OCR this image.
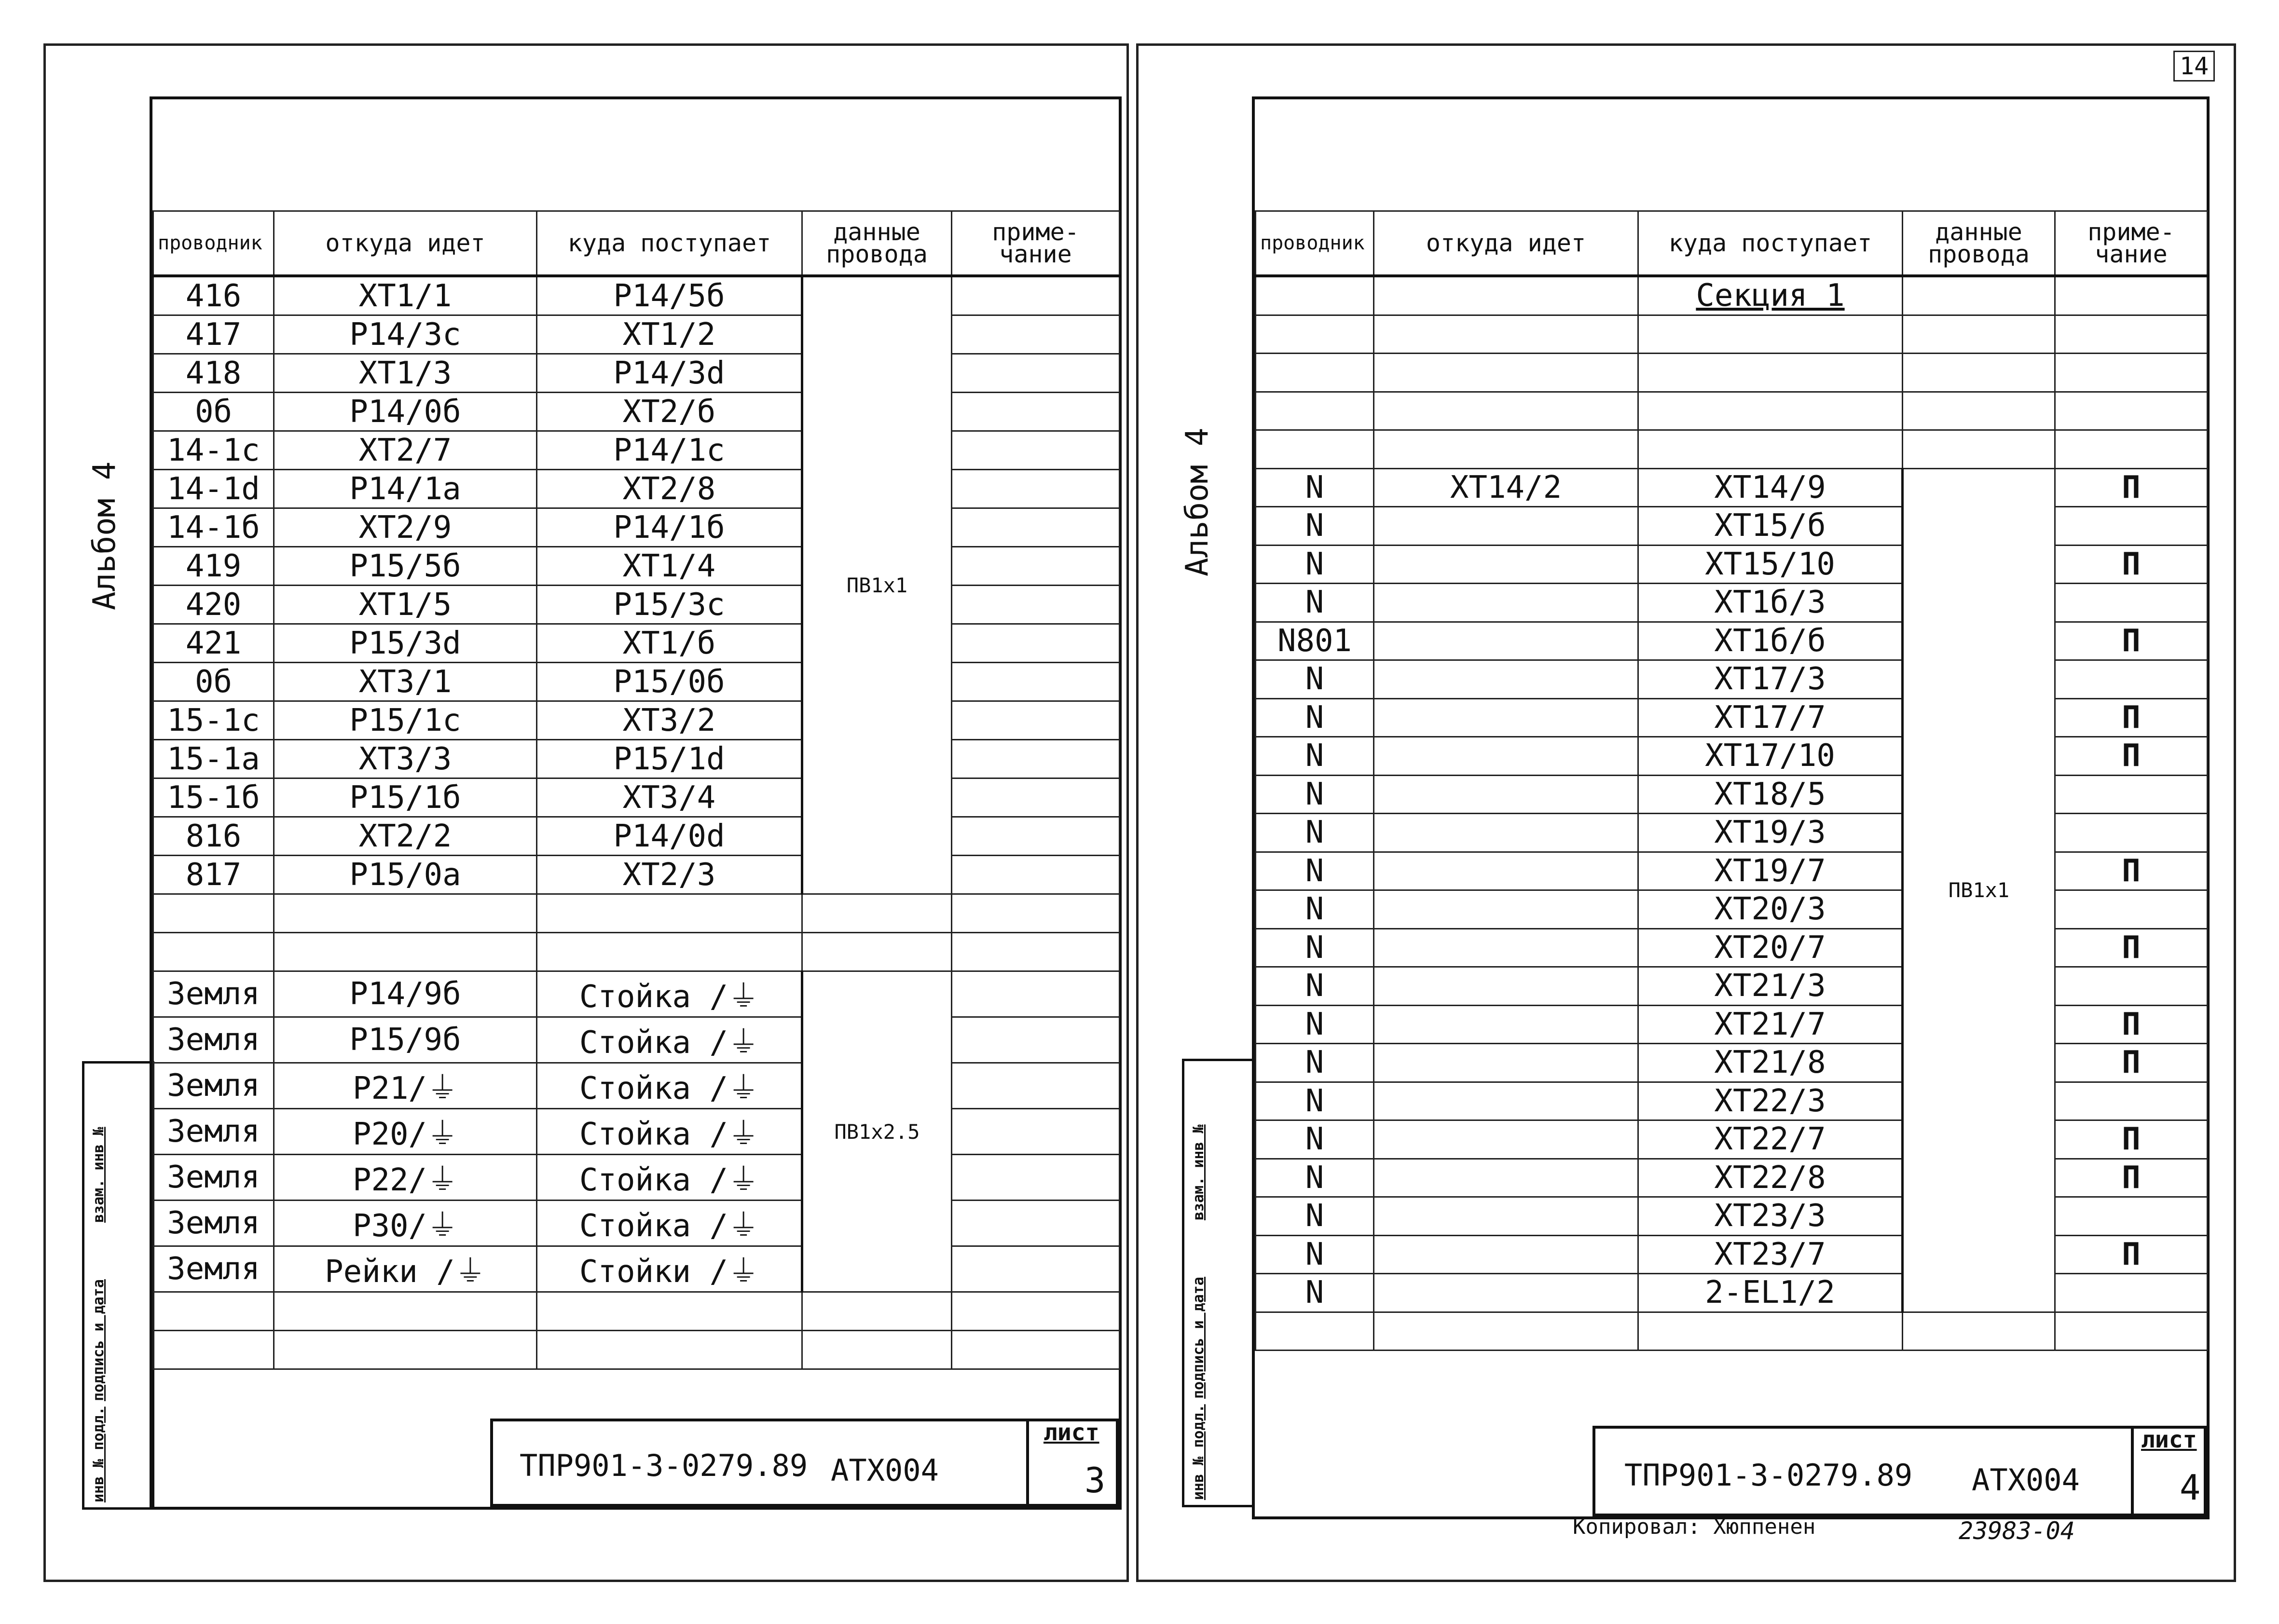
Альбом 4
инв № подл.
подпись и дата
взам. инв №
проводник	откуда идет	куда поступает	данные провода	приме-чание
416	ХТ1/1	Р14/5б	ПВ1х1	
417	Р14/3с	ХТ1/2		
418	ХТ1/3	Р14/3d		
0б	Р14/0б	ХТ2/б		
14-1с	ХТ2/7	Р14/1с		
14-1d	Р14/1а	ХТ2/8		
14-1б	ХТ2/9	Р14/1б		
419	Р15/5б	ХТ1/4		
420	ХТ1/5	Р15/3с		
421	Р15/3d	ХТ1/б		
0б	ХТ3/1	Р15/0б		
15-1с	Р15/1с	ХТ3/2		
15-1а	ХТ3/3	Р15/1d		
15-1б	Р15/1б	ХТ3/4		
816	ХТ2/2	Р14/0d		
817	Р15/0а	ХТ2/3		

Земля	Р14/9б	Стойка /⏚	ПВ1х2.5	
Земля	Р15/9б	Стойка /⏚		
Земля	Р21/⏚	Стойка /⏚		
Земля	Р20/⏚	Стойка /⏚		
Земля	Р22/⏚	Стойка /⏚		
Земля	Р30/⏚	Стойка /⏚		
Земля	Рейки /⏚	Стойки /⏚		

ТПР901-3-0279.89 АТХ004
лист
3
Альбом 4
инв № подл.
подпись и дата
взам. инв №
проводник	откуда идет	куда поступает	данные провода	приме-чание
		Секция 1		

N	ХТ14/2	ХТ14/9	ПВ1х1	П
N		ХТ15/б		
N		ХТ15/10		П
N		ХТ1б/3		
N801		ХТ1б/б		П
N		ХТ17/3		
N		ХТ17/7		П
N		ХТ17/10		П
N		ХТ18/5		
N		ХТ19/3		
N		ХТ19/7		П
N		ХТ20/3		
N		ХТ20/7		П
N		ХТ21/3		
N		ХТ21/7		П
N		ХТ21/8		П
N		ХТ22/3		
N		ХТ22/7		П
N		ХТ22/8		П
N		ХТ23/3		
N		ХТ23/7		П
N		2-ЕL1/2		

ТПР901-3-0279.89 АТХ004
лист
4
Копировал: Хюппенен	23983-04
14
